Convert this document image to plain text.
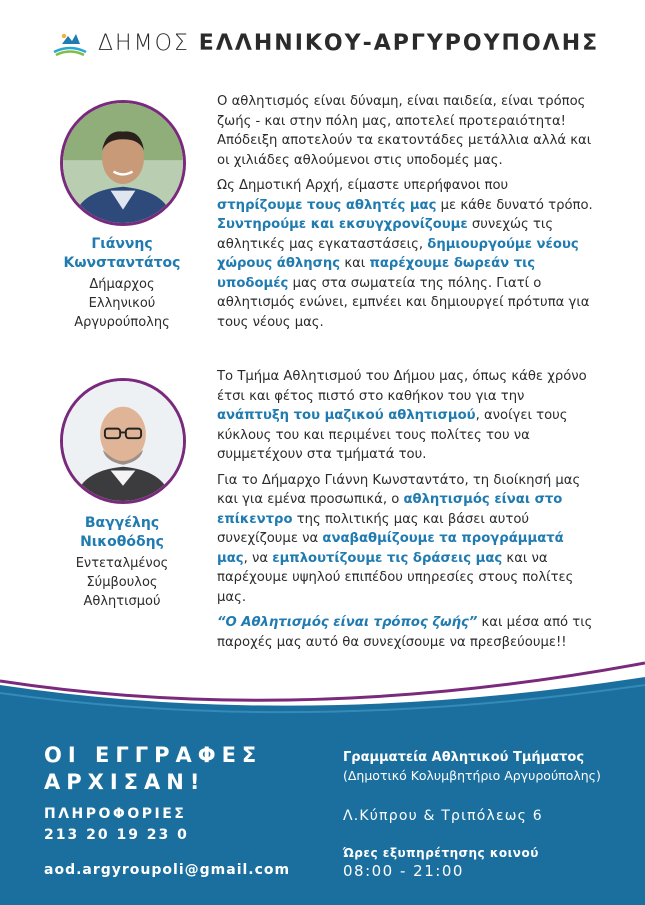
ΔΗΜΟΣ ΕΛΛΗΝΙΚΟΥ-ΑΡΓΥΡΟΥΠΟΛΗΣ
Γιάννης
Κωνσταντάτος
Δήμαρχος
Ελληνικού
Αργυρούπολης
Βαγγέλης
Νικοθόδης
Εντεταλμένος
Σύμβουλος
Αθλητισμού

Ο αθλητισμός είναι δύναμη, είναι παιδεία, είναι τρόπος ζωής - και στην πόλη μας, αποτελεί προτεραιότητα! Απόδειξη αποτελούν τα εκατοντάδες μετάλλια αλλά και οι χιλιάδες αθλούμενοι στις υποδομές μας.

Ως Δημοτική Αρχή, είμαστε υπερήφανοι που στηρίζουμε τους αθλητές μας με κάθε δυνατό τρόπο. Συντηρούμε και εκσυγχρονίζουμε συνεχώς τις αθλητικές μας εγκαταστάσεις, δημιουργούμε νέους χώρους άθλησης και παρέχουμε δωρεάν τις υποδομές μας στα σωματεία της πόλης. Γιατί ο αθλητισμός ενώνει, εμπνέει και δημιουργεί πρότυπα για τους νέους μας.

Το Τμήμα Αθλητισμού του Δήμου μας, όπως κάθε χρόνο έτσι και φέτος πιστό στο καθήκον του για την ανάπτυξη του μαζικού αθλητισμού, ανοίγει τους κύκλους του και περιμένει τους πολίτες του να συμμετέχουν στα τμήματά του.

Για το Δήμαρχο Γιάννη Κωνσταντάτο, τη διοίκησή μας και για εμένα προσωπικά, ο αθλητισμός είναι στο επίκεντρο της πολιτικής μας και βάσει αυτού συνεχίζουμε να αναβαθμίζουμε τα προγράμματά μας, να εμπλουτίζουμε τις δράσεις μας και να παρέχουμε υψηλού επιπέδου υπηρεσίες στους πολίτες μας.

“Ο Αθλητισμός είναι τρόπος ζωής” και μέσα από τις παροχές μας αυτό θα συνεχίσουμε να πρεσβεύουμε!!

ΟΙ ΕΓΓΡΑΦΕΣ
ΑΡΧΙΣΑΝ!
ΠΛΗΡΟΦΟΡΙΕΣ
213 20 19 23 0
aod.argyroupoli@gmail.com
Γραμματεία Αθλητικού Τμήματος
(Δημοτικό Κολυμβητήριο Αργυρούπολης)
Λ.Κύπρου & Τριπόλεως 6
Ώρες εξυπηρέτησης κοινού
08:00 - 21:00
